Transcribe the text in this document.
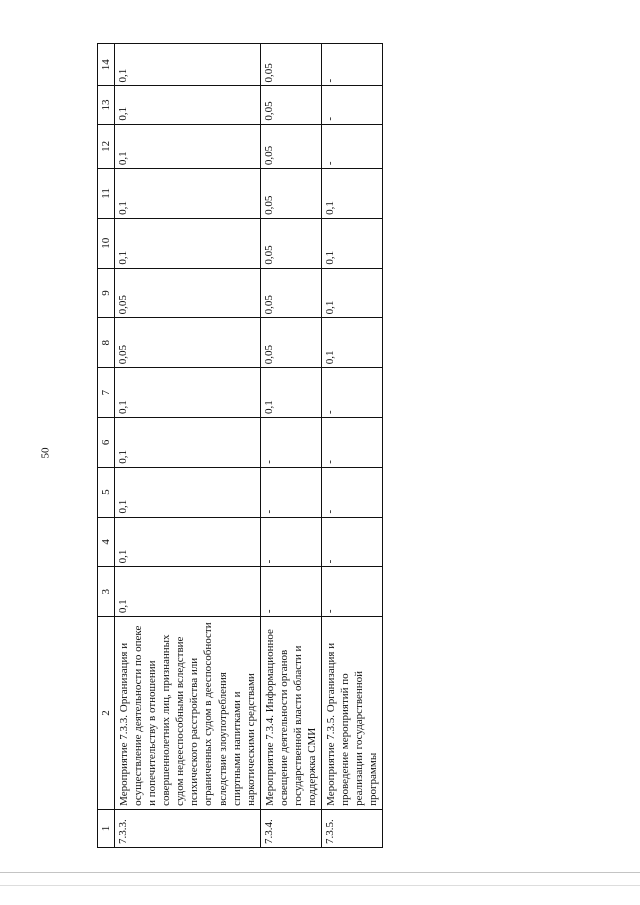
50
1	2	3	4	5	6	7	8	9	10	11	12	13	14
7.3.3.	Мероприятие 7.3.3. Организация и осуществление деятельности по опеке и попечительству в отношении совершеннолетних лиц, признанных судом недееспособными вследствие психического расстройства или ограниченных судом в дееспособности вследствие злоупотребления спиртными напитками и наркотическими средствами	0,1	0,1	0,1	0,1	0,1	0,05	0,05	0,1	0,1	0,1	0,1	0,1
7.3.4.	Мероприятие 7.3.4. Информационное освещение деятельности органов государственной власти области и поддержка СМИ	-	-	-	-	0,1	0,05	0,05	0,05	0,05	0,05	0,05	0,05
7.3.5.	Мероприятие 7.3.5. Организация и проведение мероприятий по реализации государственной программы	-	-	-	-	-	0,1	0,1	0,1	0,1	-	-	-
